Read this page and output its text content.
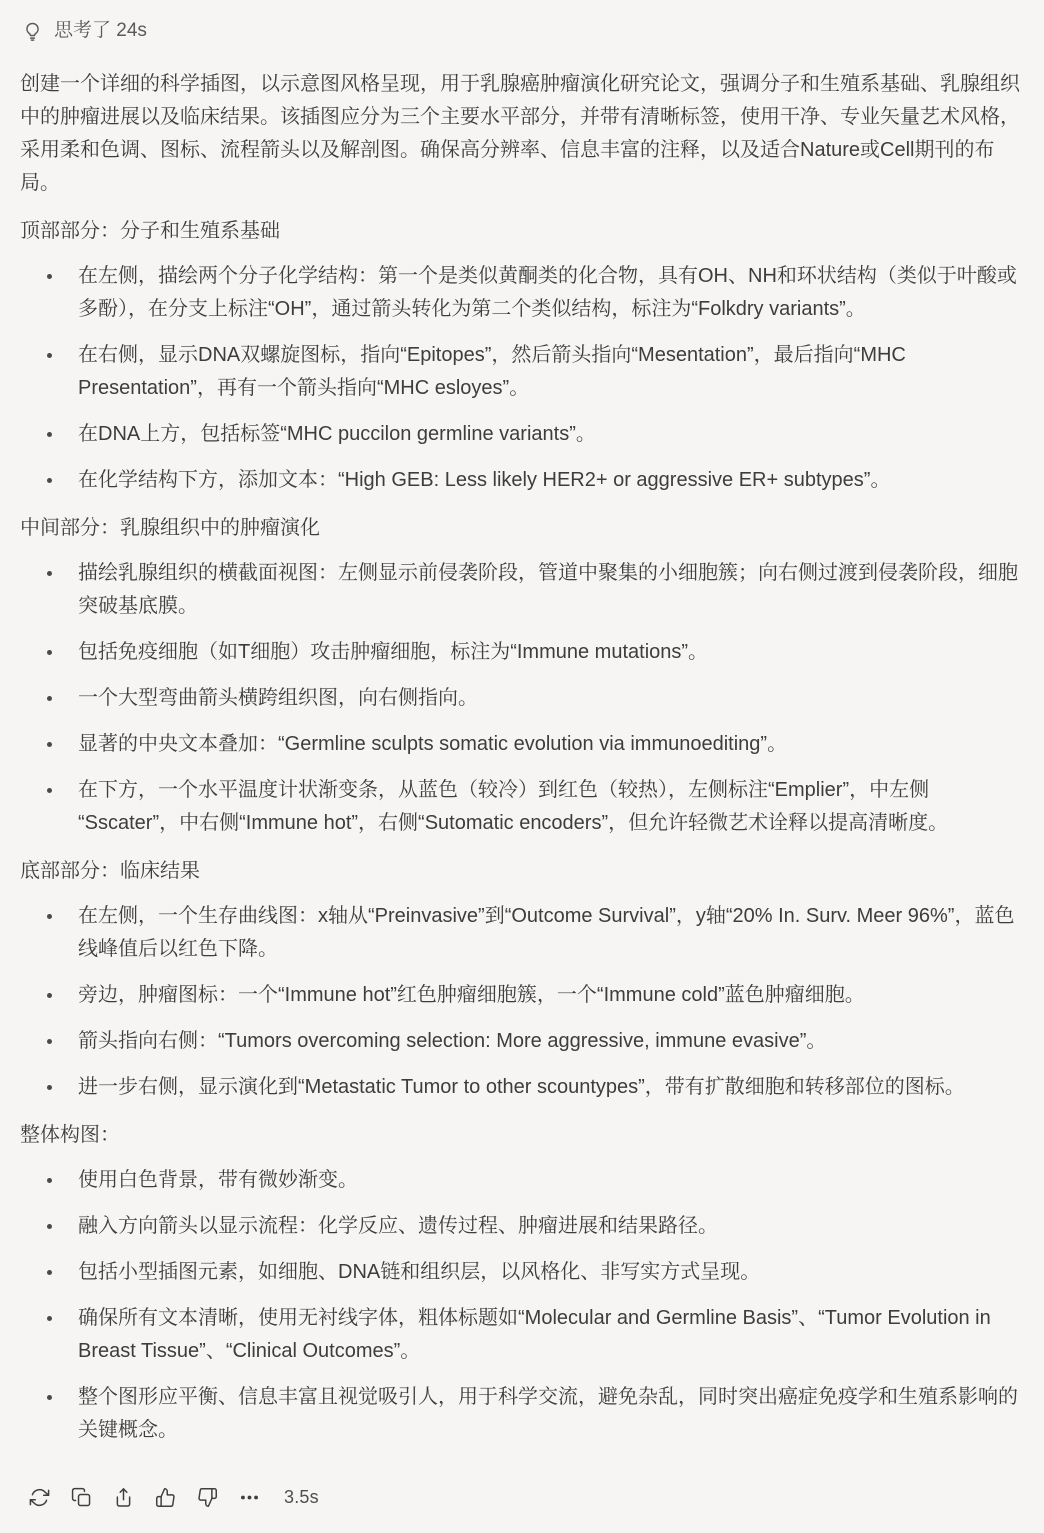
思考了 24s

创建一个详细的科学插图，以示意图风格呈现，用于乳腺癌肿瘤演化研究论文，强调分子和生殖系基础、乳腺组织中的肿瘤进展以及临床结果。该插图应分为三个主要水平部分，并带有清晰标签，使用干净、专业矢量艺术风格，采用柔和色调、图标、流程箭头以及解剖图。确保高分辨率、信息丰富的注释，以及适合Nature或Cell期刊的布局。

顶部部分：分子和生殖系基础
在左侧，描绘两个分子化学结构：第一个是类似黄酮类的化合物，具有OH、NH和环状结构（类似于叶酸或多酚），在分支上标注“OH”，通过箭头转化为第二个类似结构，标注为“Folkdry variants”。
在右侧，显示DNA双螺旋图标，指向“Epitopes”，然后箭头指向“Mesentation”，最后指向“MHC Presentation”，再有一个箭头指向“MHC esloyes”。
在DNA上方，包括标签“MHC puccilon germline variants”。
在化学结构下方，添加文本：“High GEB: Less likely HER2+ or aggressive ER+ subtypes”。
中间部分：乳腺组织中的肿瘤演化
描绘乳腺组织的横截面视图：左侧显示前侵袭阶段，管道中聚集的小细胞簇；向右侧过渡到侵袭阶段，细胞突破基底膜。
包括免疫细胞（如T细胞）攻击肿瘤细胞，标注为“Immune mutations”。
一个大型弯曲箭头横跨组织图，向右侧指向。
显著的中央文本叠加：“Germline sculpts somatic evolution via immunoediting”。
在下方，一个水平温度计状渐变条，从蓝色（较冷）到红色（较热），左侧标注“Emplier”，中左侧“Sscater”，中右侧“Immune hot”，右侧“Sutomatic encoders”，但允许轻微艺术诠释以提高清晰度。
底部部分：临床结果
在左侧，一个生存曲线图：x轴从“Preinvasive”到“Outcome Survival”，y轴“20% In. Surv. Meer 96%”，蓝色线峰值后以红色下降。
旁边，肿瘤图标：一个“Immune hot”红色肿瘤细胞簇，一个“Immune cold”蓝色肿瘤细胞。
箭头指向右侧：“Tumors overcoming selection: More aggressive, immune evasive”。
进一步右侧，显示演化到“Metastatic Tumor to other scountypes”，带有扩散细胞和转移部位的图标。
整体构图：
使用白色背景，带有微妙渐变。
融入方向箭头以显示流程：化学反应、遗传过程、肿瘤进展和结果路径。
包括小型插图元素，如细胞、DNA链和组织层，以风格化、非写实方式呈现。
确保所有文本清晰，使用无衬线字体，粗体标题如“Molecular and Germline Basis”、“Tumor Evolution in Breast Tissue”、“Clinical Outcomes”。
整个图形应平衡、信息丰富且视觉吸引人，用于科学交流，避免杂乱，同时突出癌症免疫学和生殖系影响的关键概念。
3.5s
